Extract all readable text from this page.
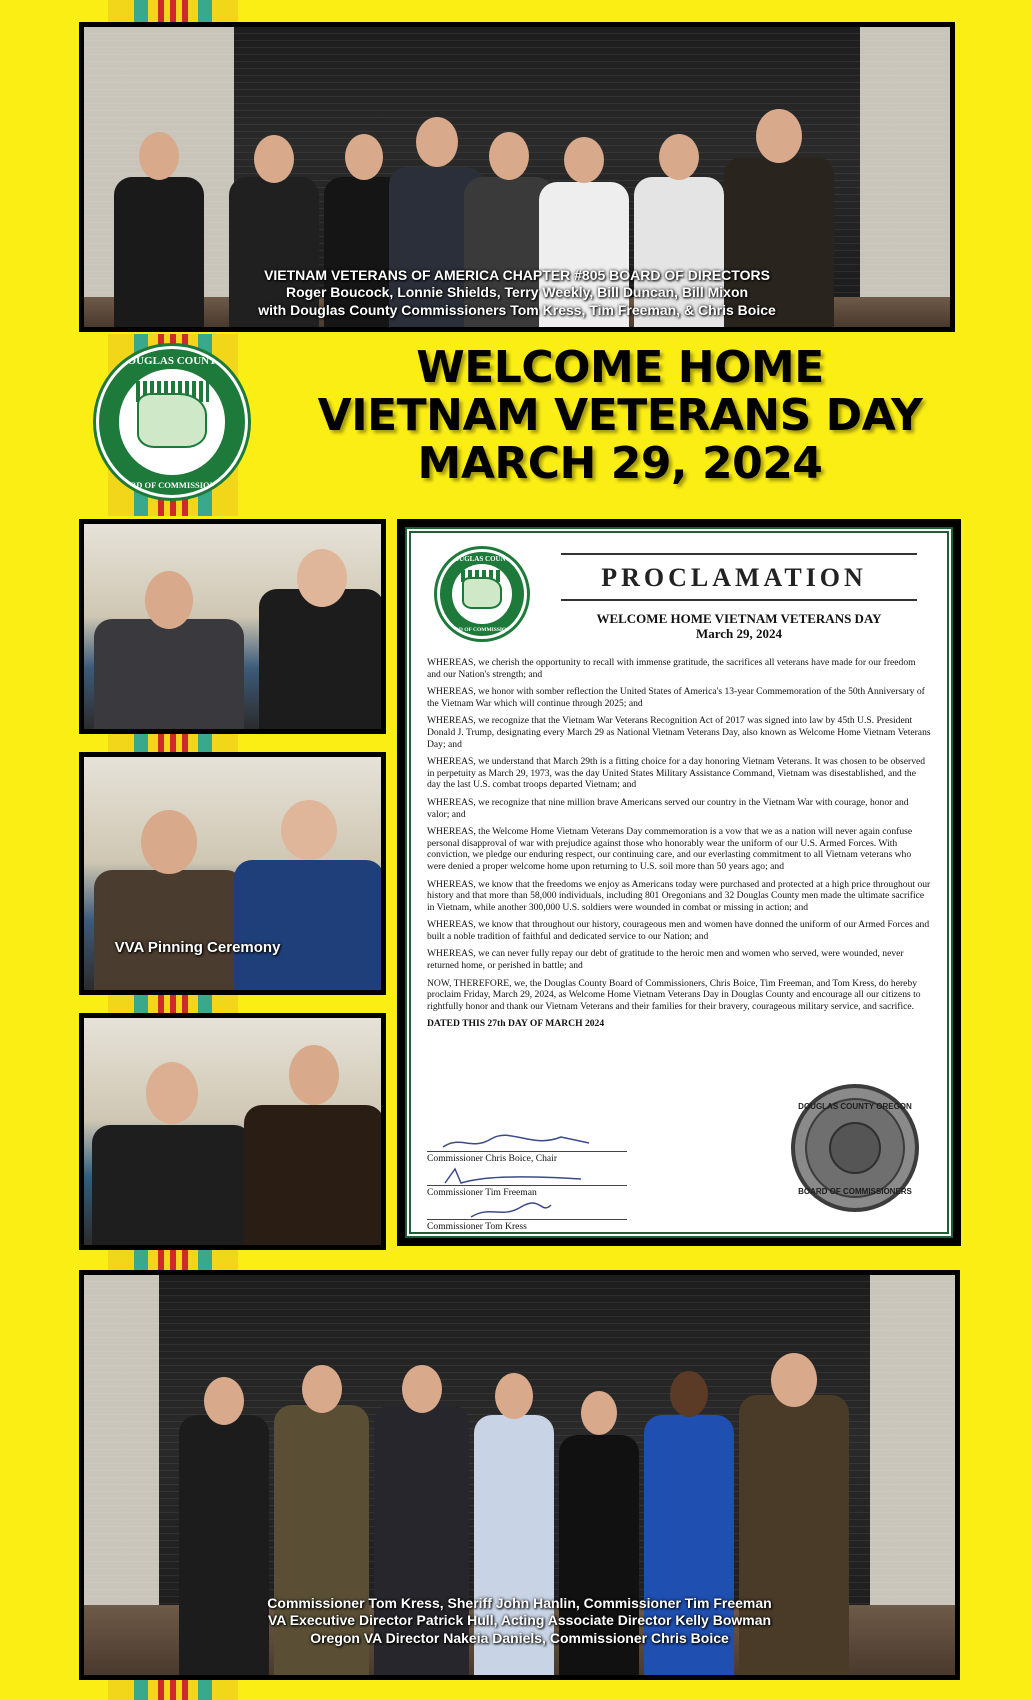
VIETNAM VETERANS OF AMERICA CHAPTER #805 BOARD OF DIRECTORS
Roger Boucock, Lonnie Shields, Terry Weekly, Bill Duncan, Bill Mixon
with Douglas County Commissioners Tom Kress, Tim Freeman, & Chris Boice
DOUGLAS COUNTY
BOARD OF COMMISSIONERS
WELCOME HOME
VIETNAM VETERANS DAY
MARCH 29, 2024
VVA Pinning Ceremony
DOUGLAS COUNTY
BOARD OF COMMISSIONERS
PROCLAMATION
WELCOME HOME VIETNAM VETERANS DAY
March 29, 2024

WHEREAS, we cherish the opportunity to recall with immense gratitude, the sacrifices all veterans have made for our freedom and our Nation's strength; and

WHEREAS, we honor with somber reflection the United States of America's 13-year Commemoration of the 50th Anniversary of the Vietnam War which will continue through 2025; and

WHEREAS, we recognize that the Vietnam War Veterans Recognition Act of 2017 was signed into law by 45th U.S. President Donald J. Trump, designating every March 29 as National Vietnam Veterans Day, also known as Welcome Home Vietnam Veterans Day; and

WHEREAS, we understand that March 29th is a fitting choice for a day honoring Vietnam Veterans. It was chosen to be observed in perpetuity as March 29, 1973, was the day United States Military Assistance Command, Vietnam was disestablished, and the day the last U.S. combat troops departed Vietnam; and

WHEREAS, we recognize that nine million brave Americans served our country in the Vietnam War with courage, honor and valor; and

WHEREAS, the Welcome Home Vietnam Veterans Day commemoration is a vow that we as a nation will never again confuse personal disapproval of war with prejudice against those who honorably wear the uniform of our U.S. Armed Forces. With conviction, we pledge our enduring respect, our continuing care, and our everlasting commitment to all Vietnam veterans who were denied a proper welcome home upon returning to U.S. soil more than 50 years ago; and

WHEREAS, we know that the freedoms we enjoy as Americans today were purchased and protected at a high price throughout our history and that more than 58,000 individuals, including 801 Oregonians and 32 Douglas County men made the ultimate sacrifice in Vietnam, while another 300,000 U.S. soldiers were wounded in combat or missing in action; and

WHEREAS, we know that throughout our history, courageous men and women have donned the uniform of our Armed Forces and built a noble tradition of faithful and dedicated service to our Nation; and

WHEREAS, we can never fully repay our debt of gratitude to the heroic men and women who served, were wounded, never returned home, or perished in battle; and

NOW, THEREFORE, we, the Douglas County Board of Commissioners, Chris Boice, Tim Freeman, and Tom Kress, do hereby proclaim Friday, March 29, 2024, as Welcome Home Vietnam Veterans Day in Douglas County and encourage all our citizens to rightfully honor and thank our Vietnam Veterans and their families for their bravery, courageous military service, and sacrifice.

DATED THIS 27th DAY OF MARCH 2024

Commissioner Chris Boice, Chair
Commissioner Tim Freeman
Commissioner Tom Kress
DOUGLAS COUNTY OREGON
BOARD OF COMMISSIONERS
Commissioner Tom Kress, Sheriff John Hanlin, Commissioner Tim Freeman
VA Executive Director Patrick Hull, Acting Associate Director Kelly Bowman
Oregon VA Director Nakeia Daniels, Commissioner Chris Boice
